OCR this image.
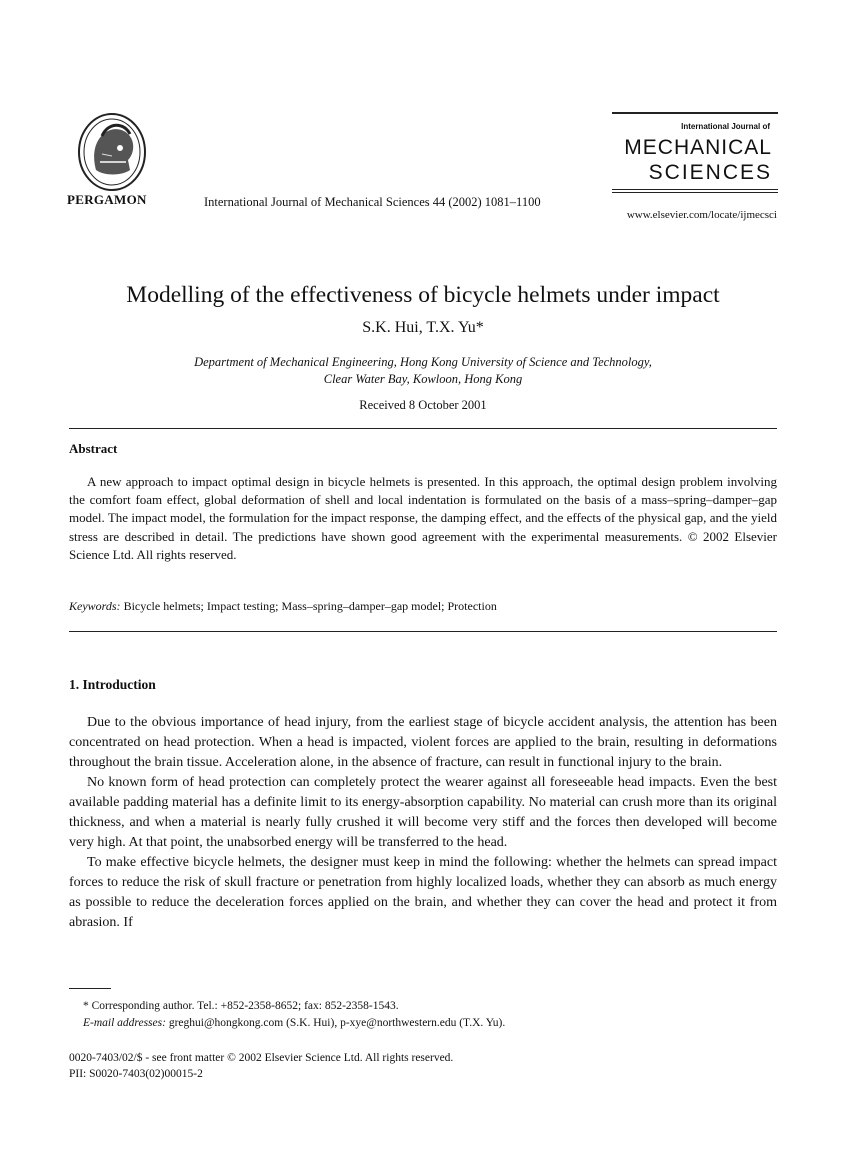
PERGAMON	International Journal of Mechanical Sciences 44 (2002) 1081–1100
International Journal of
MECHANICAL
SCIENCES
www.elsevier.com/locate/ijmecsci
Modelling of the effectiveness of bicycle helmets under impact
S.K. Hui, T.X. Yu*
Department of Mechanical Engineering, Hong Kong University of Science and Technology,
Clear Water Bay, Kowloon, Hong Kong
Received 8 October 2001
Abstract

A new approach to impact optimal design in bicycle helmets is presented. In this approach, the optimal design problem involving the comfort foam effect, global deformation of shell and local indentation is formulated on the basis of a mass–spring–damper–gap model. The impact model, the formulation for the impact response, the damping effect, and the effects of the physical gap, and the yield stress are described in detail. The predictions have shown good agreement with the experimental measurements. © 2002 Elsevier Science Ltd. All rights reserved.

Keywords: Bicycle helmets; Impact testing; Mass–spring–damper–gap model; Protection
1. Introduction

Due to the obvious importance of head injury, from the earliest stage of bicycle accident analysis, the attention has been concentrated on head protection. When a head is impacted, violent forces are applied to the brain, resulting in deformations throughout the brain tissue. Acceleration alone, in the absence of fracture, can result in functional injury to the brain.

No known form of head protection can completely protect the wearer against all foreseeable head impacts. Even the best available padding material has a definite limit to its energy-absorption capability. No material can crush more than its original thickness, and when a material is nearly fully crushed it will become very stiff and the forces then developed will become very high. At that point, the unabsorbed energy will be transferred to the head.

To make effective bicycle helmets, the designer must keep in mind the following: whether the helmets can spread impact forces to reduce the risk of skull fracture or penetration from highly localized loads, whether they can absorb as much energy as possible to reduce the deceleration forces applied on the brain, and whether they can cover the head and protect it from abrasion. If

* Corresponding author. Tel.: +852-2358-8652; fax: 852-2358-1543.
E-mail addresses: greghui@hongkong.com (S.K. Hui), p-xye@northwestern.edu (T.X. Yu).
0020-7403/02/$ - see front matter © 2002 Elsevier Science Ltd. All rights reserved.
PII: S0020-7403(02)00015-2
